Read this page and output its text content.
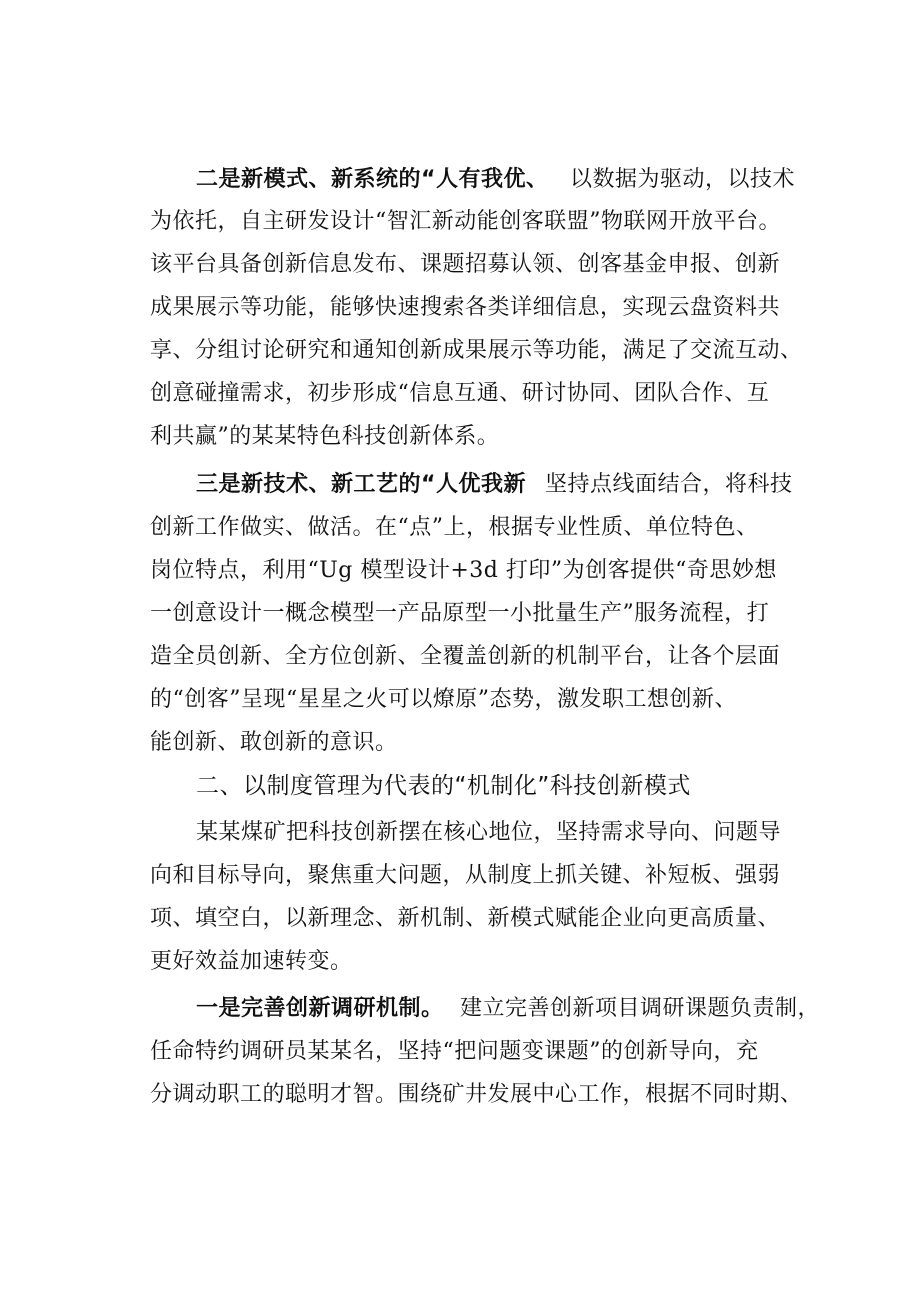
二是新模式、新系统的“人有我优、 以数据为驱动，以技术
为依托，自主研发设计“智汇新动能创客联盟”物联网开放平台。
该平台具备创新信息发布、课题招募认领、创客基金申报、创新
成果展示等功能，能够快速搜索各类详细信息，实现云盘资料共
享、分组讨论研究和通知创新成果展示等功能，满足了交流互动、
创意碰撞需求，初步形成“信息互通、研讨协同、团队合作、互
利共赢”的某某特色科技创新体系。
三是新技术、新工艺的“人优我新 坚持点线面结合，将科技
创新工作做实、做活。在“点”上，根据专业性质、单位特色、
岗位特点，利用“Ug 模型设计+3d 打印”为创客提供“奇思妙想
一创意设计一概念模型一产品原型一小批量生产”服务流程，打
造全员创新、全方位创新、全覆盖创新的机制平台，让各个层面
的“创客”呈现“星星之火可以燎原”态势，激发职工想创新、
能创新、敢创新的意识。
二、以制度管理为代表的“机制化”科技创新模式
某某煤矿把科技创新摆在核心地位，坚持需求导向、问题导
向和目标导向，聚焦重大问题，从制度上抓关键、补短板、强弱
项、填空白，以新理念、新机制、新模式赋能企业向更高质量、
更好效益加速转变。
一是完善创新调研机制。 建立完善创新项目调研课题负责制，
任命特约调研员某某名，坚持“把问题变课题”的创新导向，充
分调动职工的聪明才智。围绕矿井发展中心工作，根据不同时期、
